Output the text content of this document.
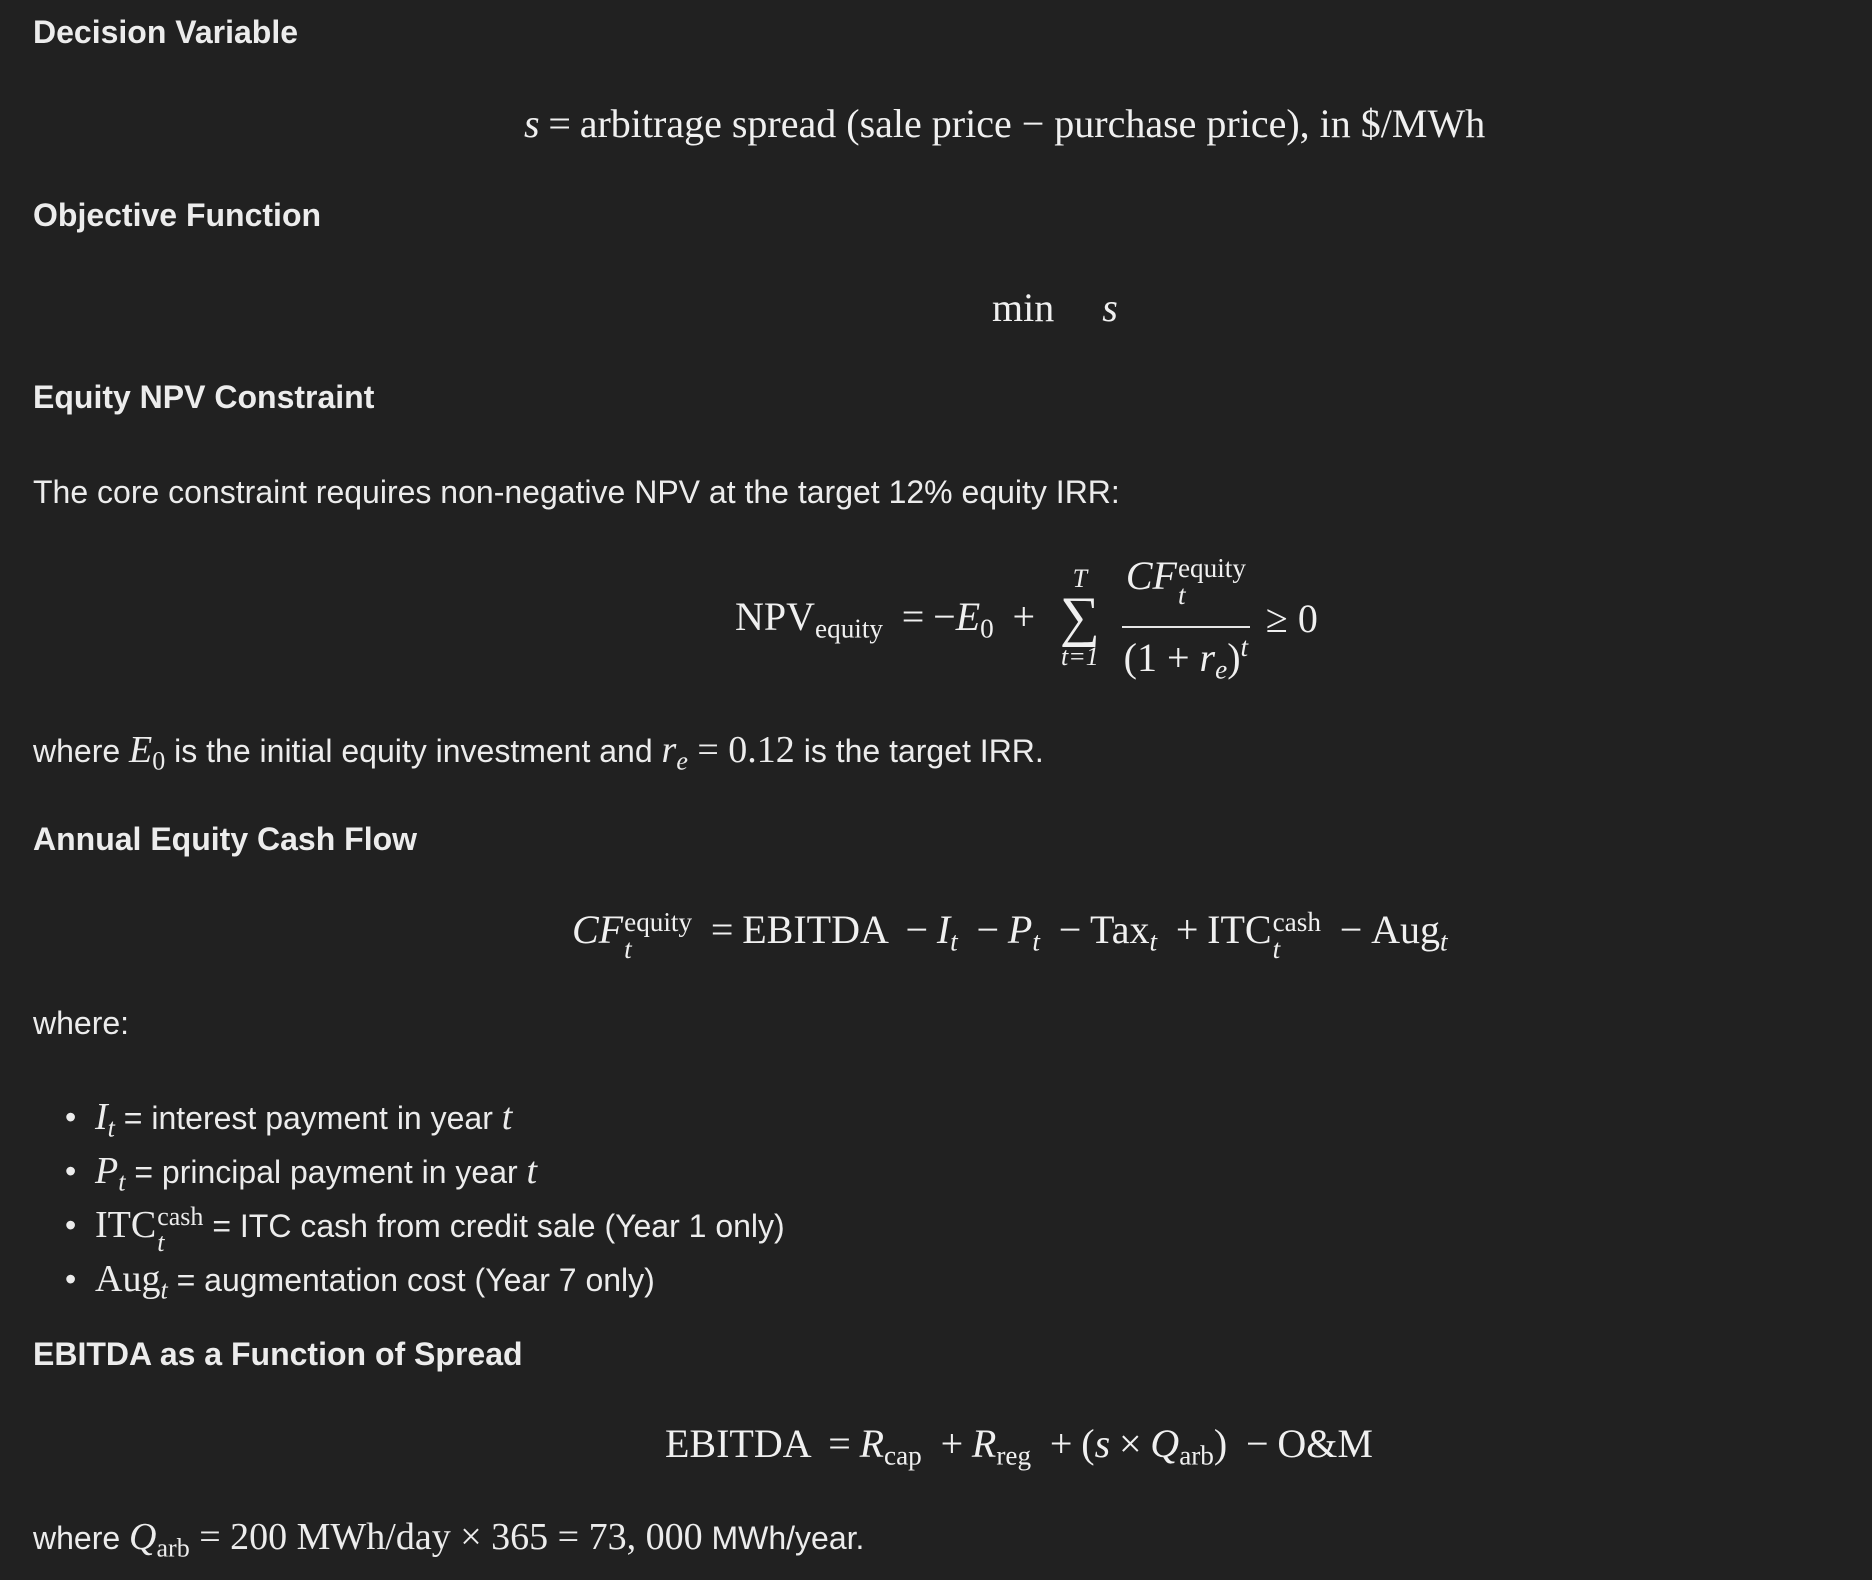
Decision Variable
s = arbitrage spread (sale price − purchase price), in $/MWh
Objective Function
min s
Equity NPV Constraint
The core constraint requires non-negative NPV at the target 12% equity IRR:
$NPV_{equity} = -E_0$ +
T
∑
t=1
CF equity
t
$(1 + r_e)^t \ge 0$
where $E_0$ is the initial equity investment and $r_e = 0.12$ is the target IRR.
Annual Equity Cash Flow
CF equity
t	= EBITDA − $I_t - P_t - Tax_t$ + ITC cash
t	− Aug$_t$
where:
• $I_t$ = interest payment in year t
• $P_t$ = principal payment in year t
• ITC cash
t	= ITC cash from credit sale (Year 1 only)
• Aug$_t$ = augmentation cost (Year 7 only)
EBITDA as a Function of Spread
EBITDA = $R_{cap} + R_{reg} + (s \times Q_{arb})$ − O&M
where $Q_{arb} = 200$ MWh/day × 365 = 73, 000 MWh/year.
